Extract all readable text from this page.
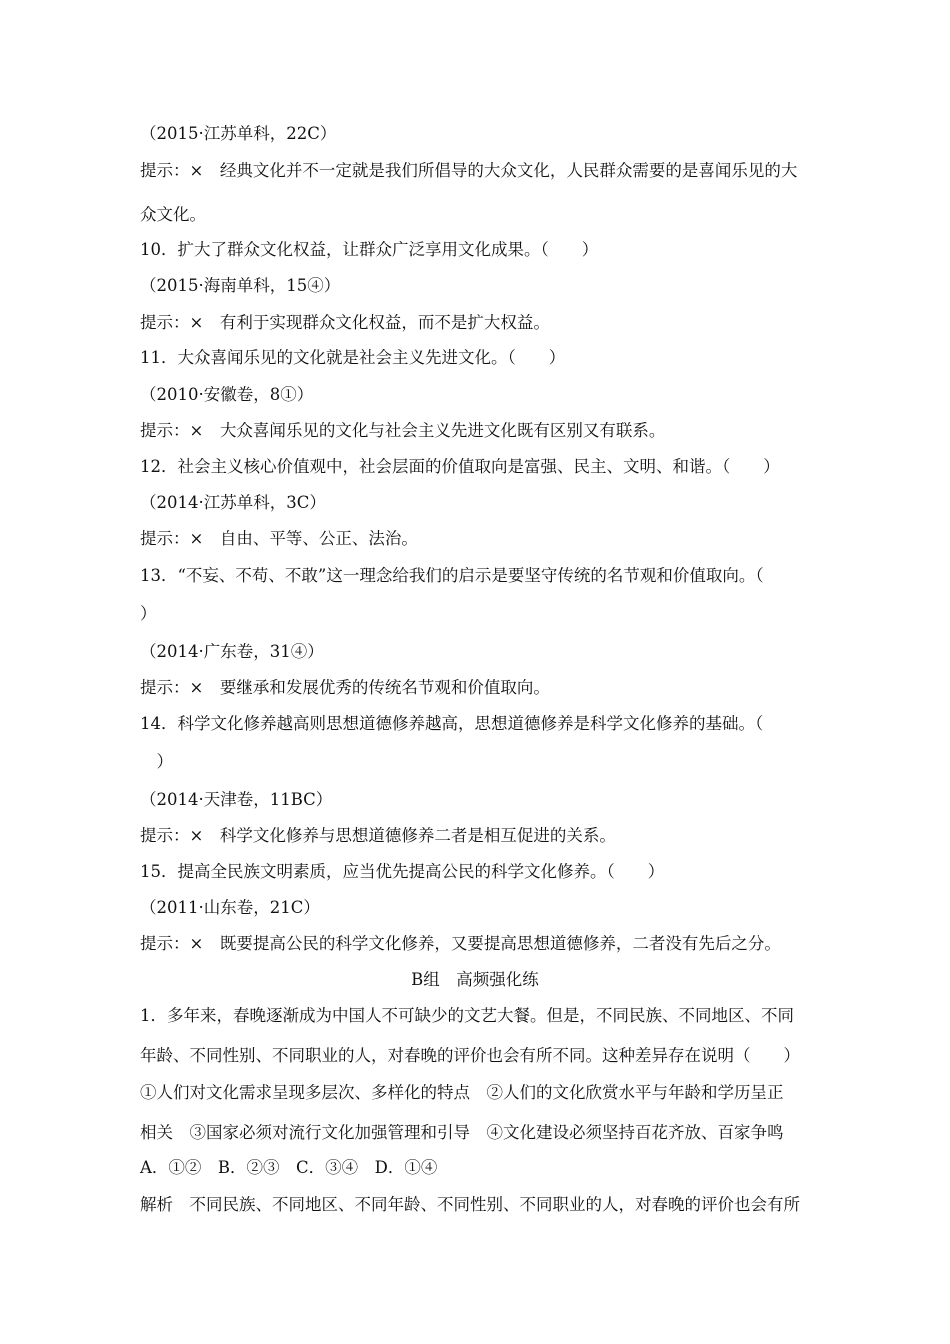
（2015·江苏单科，22C）
提示：×　经典文化并不一定就是我们所倡导的大众文化，人民群众需要的是喜闻乐见的大
众文化。
10．扩大了群众文化权益，让群众广泛享用文化成果。（　　）
（2015·海南单科，15④）
提示：×　有利于实现群众文化权益，而不是扩大权益。
11．大众喜闻乐见的文化就是社会主义先进文化。（　　）
（2010·安徽卷，8①）
提示：×　大众喜闻乐见的文化与社会主义先进文化既有区别又有联系。
12．社会主义核心价值观中，社会层面的价值取向是富强、民主、文明、和谐。（　　）
（2014·江苏单科，3C）
提示：×　自由、平等、公正、法治。
13．“不妄、不苟、不敢”这一理念给我们的启示是要坚守传统的名节观和价值取向。（
）
（2014·广东卷，31④）
提示：×　要继承和发展优秀的传统名节观和价值取向。
14．科学文化修养越高则思想道德修养越高，思想道德修养是科学文化修养的基础。（
　）
（2014·天津卷，11BC）
提示：×　科学文化修养与思想道德修养二者是相互促进的关系。
15．提高全民族文明素质，应当优先提高公民的科学文化修养。（　　）
（2011·山东卷，21C）
提示：×　既要提高公民的科学文化修养，又要提高思想道德修养，二者没有先后之分。
B组　高频强化练
1．多年来，春晚逐渐成为中国人不可缺少的文艺大餐。但是，不同民族、不同地区、不同
年龄、不同性别、不同职业的人，对春晚的评价也会有所不同。这种差异存在说明（　　）
①人们对文化需求呈现多层次、多样化的特点　②人们的文化欣赏水平与年龄和学历呈正
相关　③国家必须对流行文化加强管理和引导　④文化建设必须坚持百花齐放、百家争鸣
A．①②　B．②③　C．③④　D．①④
解析　不同民族、不同地区、不同年龄、不同性别、不同职业的人，对春晚的评价也会有所
